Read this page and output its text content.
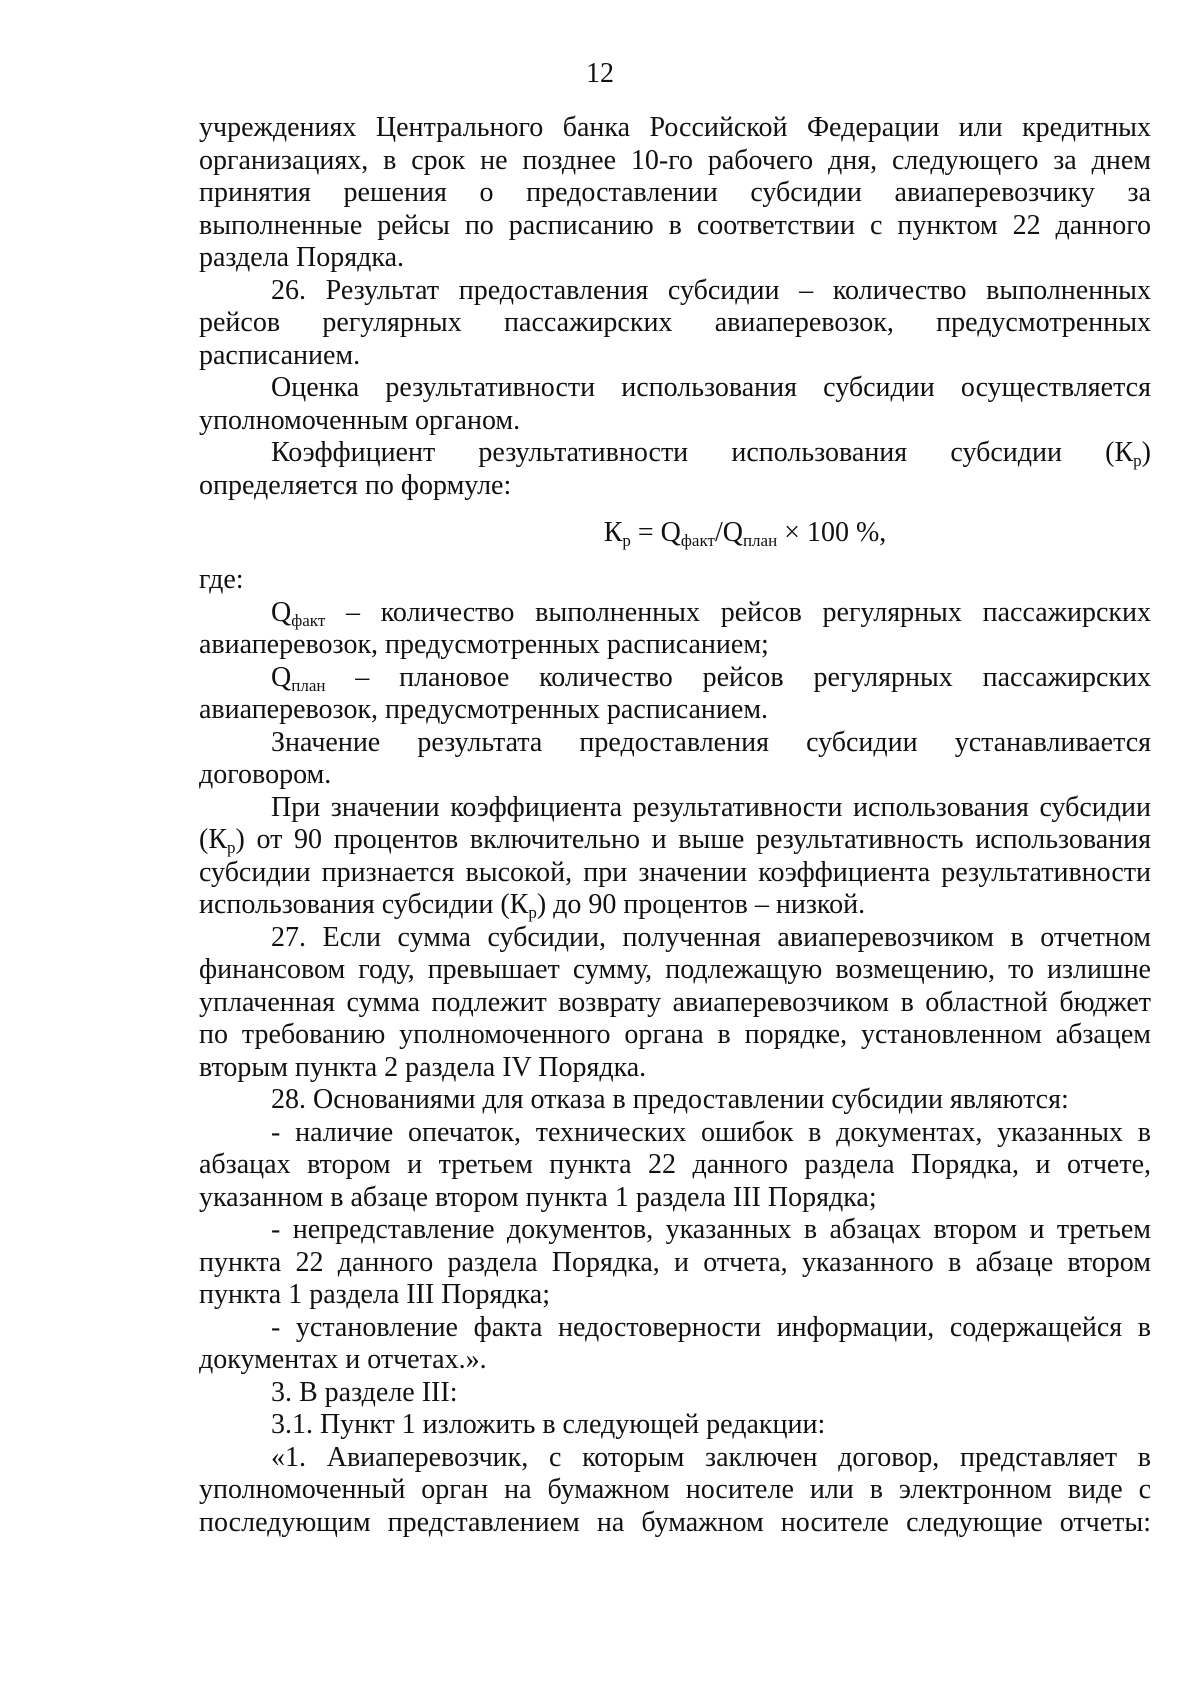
12

учреждениях Центрального банка Российской Федерации или кредитных организациях, в срок не позднее 10-го рабочего дня, следующего за днем принятия решения о предоставлении субсидии авиаперевозчику за выполненные рейсы по расписанию в соответствии с пунктом 22 данного раздела Порядка.

26. Результат предоставления субсидии – количество выполненных рейсов регулярных пассажирских авиаперевозок, предусмотренных расписанием.

Оценка результативности использования субсидии осуществляется уполномоченным органом.

Коэффициент результативности использования субсидии $(К_р)$ определяется по формуле:

$К_р = Q_{факт}/Q_{план} \times 100$ %,

где:

$Q_{факт}$ – количество выполненных рейсов регулярных пассажирских авиаперевозок, предусмотренных расписанием;

$Q_{план}$ – плановое количество рейсов регулярных пассажирских авиаперевозок, предусмотренных расписанием.

Значение результата предоставления субсидии устанавливается договором.

При значении коэффициента результативности использования субсидии $(К_р)$ от 90 процентов включительно и выше результативность использования субсидии признается высокой, при значении коэффициента результативности использования субсидии $(К_р)$ до 90 процентов – низкой.

27. Если сумма субсидии, полученная авиаперевозчиком в отчетном финансовом году, превышает сумму, подлежащую возмещению, то излишне уплаченная сумма подлежит возврату авиаперевозчиком в областной бюджет по требованию уполномоченного органа в порядке, установленном абзацем вторым пункта 2 раздела IV Порядка.

28. Основаниями для отказа в предоставлении субсидии являются:

- наличие опечаток, технических ошибок в документах, указанных в абзацах втором и третьем пункта 22 данного раздела Порядка, и отчете, указанном в абзаце втором пункта 1 раздела III Порядка;

- непредставление документов, указанных в абзацах втором и третьем пункта 22 данного раздела Порядка, и отчета, указанного в абзаце втором пункта 1 раздела III Порядка;

- установление факта недостоверности информации, содержащейся в документах и отчетах.».

3. В разделе III:

3.1. Пункт 1 изложить в следующей редакции:

«1. Авиаперевозчик, с которым заключен договор, представляет в уполномоченный орган на бумажном носителе или в электронном виде с последующим представлением на бумажном носителе следующие отчеты:
